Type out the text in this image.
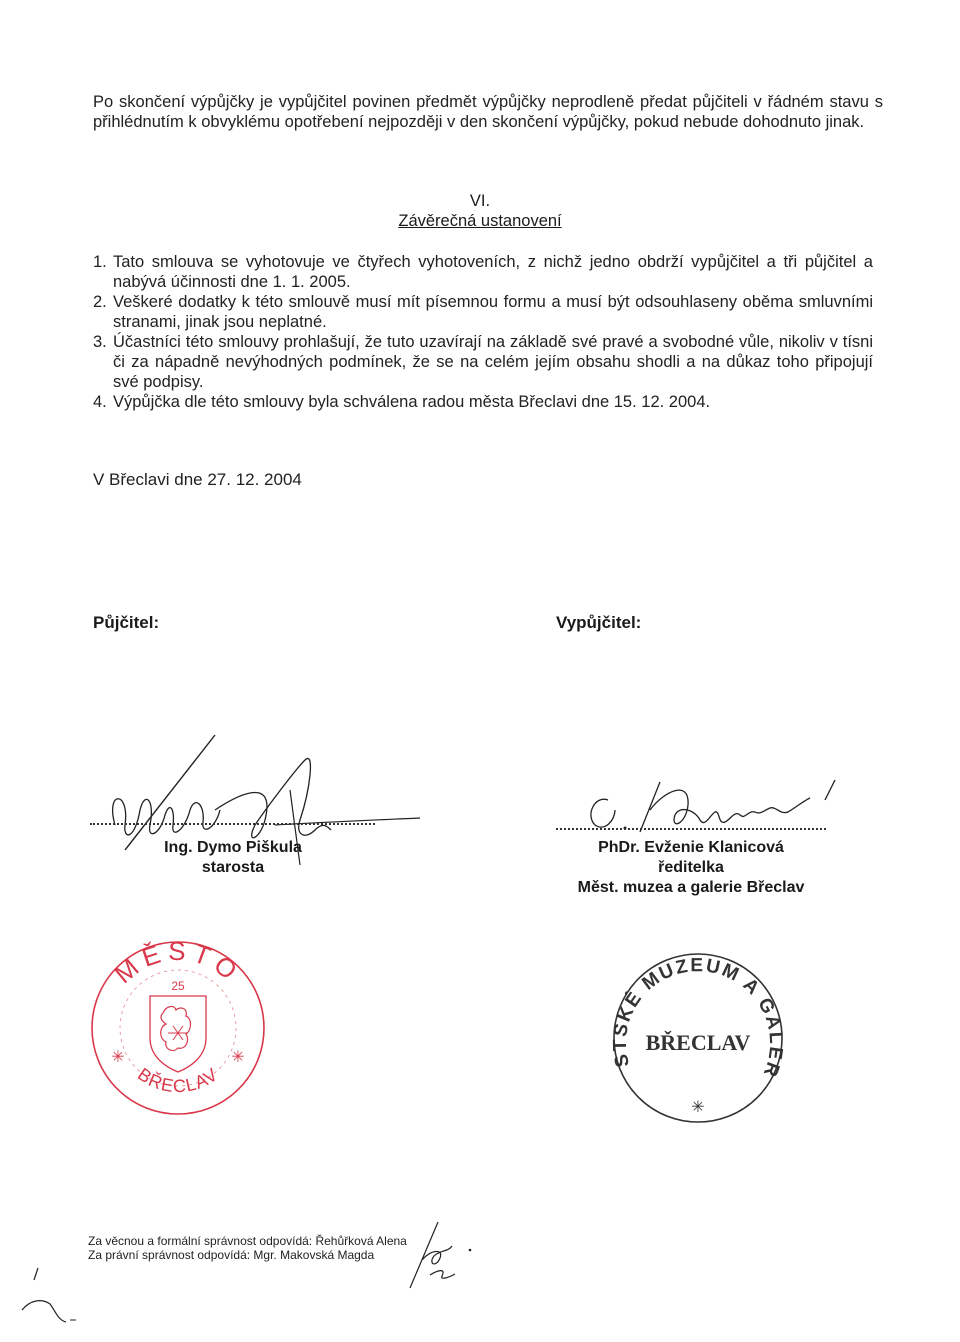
Po skončení výpůjčky je vypůjčitel povinen předmět výpůjčky neprodleně předat půjčiteli v řádném stavu s přihlédnutím k obvyklému opotřebení nejpozději v den skončení výpůjčky, pokud nebude dohodnuto jinak.
VI.
Závěrečná ustanovení
1. Tato smlouva se vyhotovuje ve čtyřech vyhotoveních, z nichž jedno obdrží vypůjčitel a tři půjčitel a nabývá účinnosti dne 1. 1. 2005.
2. Veškeré dodatky k této smlouvě musí mít písemnou formu a musí být odsouhlaseny oběma smluvními stranami, jinak jsou neplatné.
3. Účastníci této smlouvy prohlašují, že tuto uzavírají na základě své pravé a svobodné vůle, nikoliv v tísni či za nápadně nevýhodných podmínek, že se na celém jejím obsahu shodli a na důkaz toho připojují své podpisy.
4. Výpůjčka dle této smlouvy byla schválena radou města Břeclavi dne 15. 12. 2004.
V Břeclavi dne 27. 12. 2004
Půjčitel:	Vypůjčitel:
Ing. Dymo Piškula
starosta
PhDr. Evženie Klanicová
ředitelka
Měst. muzea a galerie Břeclav
MĚSTO
BŘECLAV
25
✳	✳
MĚSTSKÉ MUZEUM A GALERIE
BŘECLAV
✳
Za věcnou a formální správnost odpovídá: Řehůřková Alena
Za právní správnost odpovídá: Mgr. Makovská Magda
